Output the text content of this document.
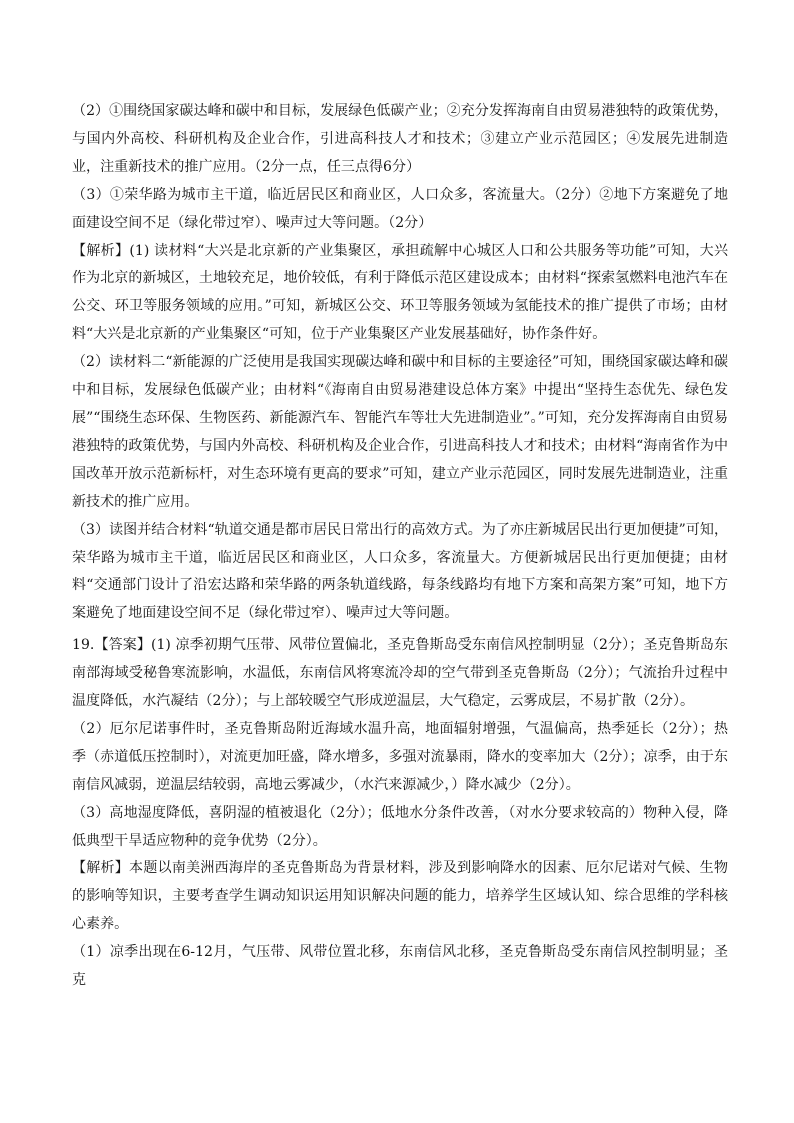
（2）①围绕国家碳达峰和碳中和目标，发展绿色低碳产业；②充分发挥海南自由贸易港独特的政策优势，与国内外高校、科研机构及企业合作，引进高科技人才和技术；③建立产业示范园区；④发展先进制造业，注重新技术的推广应用。（2分一点，任三点得6分）

（3）①荣华路为城市主干道，临近居民区和商业区，人口众多，客流量大。（2分）②地下方案避免了地面建设空间不足（绿化带过窄）、噪声过大等问题。（2分）

【解析】(1) 读材料“大兴是北京新的产业集聚区，承担疏解中心城区人口和公共服务等功能”可知，大兴作为北京的新城区，土地较充足，地价较低，有利于降低示范区建设成本；由材料“探索氢燃料电池汽车在公交、环卫等服务领域的应用。”可知，新城区公交、环卫等服务领域为氢能技术的推广提供了市场；由材料“大兴是北京新的产业集聚区“可知，位于产业集聚区产业发展基础好，协作条件好。

（2）读材料二“新能源的广泛使用是我国实现碳达峰和碳中和目标的主要途径”可知，围绕国家碳达峰和碳中和目标，发展绿色低碳产业；由材料“《海南自由贸易港建设总体方案》中提出“坚持生态优先、绿色发展”“围绕生态环保、生物医药、新能源汽车、智能汽车等壮大先进制造业”。”可知，充分发挥海南自由贸易港独特的政策优势，与国内外高校、科研机构及企业合作，引进高科技人才和技术；由材料“海南省作为中国改革开放示范新标杆，对生态环境有更高的要求”可知，建立产业示范园区，同时发展先进制造业，注重新技术的推广应用。

（3）读图并结合材料“轨道交通是都市居民日常出行的高效方式。为了亦庄新城居民出行更加便捷”可知，荣华路为城市主干道，临近居民区和商业区，人口众多，客流量大。方便新城居民出行更加便捷；由材料“交通部门设计了沿宏达路和荣华路的两条轨道线路，每条线路均有地下方案和高架方案”可知，地下方案避免了地面建设空间不足（绿化带过窄）、噪声过大等问题。

19.【答案】(1) 凉季初期气压带、风带位置偏北，圣克鲁斯岛受东南信风控制明显（2分）；圣克鲁斯岛东南部海域受秘鲁寒流影响，水温低，东南信风将寒流冷却的空气带到圣克鲁斯岛（2分）；气流抬升过程中温度降低，水汽凝结（2分）；与上部较暖空气形成逆温层，大气稳定，云雾成层，不易扩散（2分）。

（2）厄尔尼诺事件时，圣克鲁斯岛附近海域水温升高，地面辐射增强，气温偏高，热季延长（2分）；热季（赤道低压控制时），对流更加旺盛，降水增多，多强对流暴雨，降水的变率加大（2分）；凉季，由于东南信风减弱，逆温层结较弱，高地云雾减少，（水汽来源减少，）降水减少（2分）。

（3）高地湿度降低，喜阴湿的植被退化（2分）；低地水分条件改善，（对水分要求较高的）物种入侵，降低典型干旱适应物种的竞争优势（2分）。

【解析】本题以南美洲西海岸的圣克鲁斯岛为背景材料，涉及到影响降水的因素、厄尔尼诺对气候、生物的影响等知识，主要考查学生调动知识运用知识解决问题的能力，培养学生区域认知、综合思维的学科核心素养。

（1）凉季出现在6-12月，气压带、风带位置北移，东南信风北移，圣克鲁斯岛受东南信风控制明显；圣克
